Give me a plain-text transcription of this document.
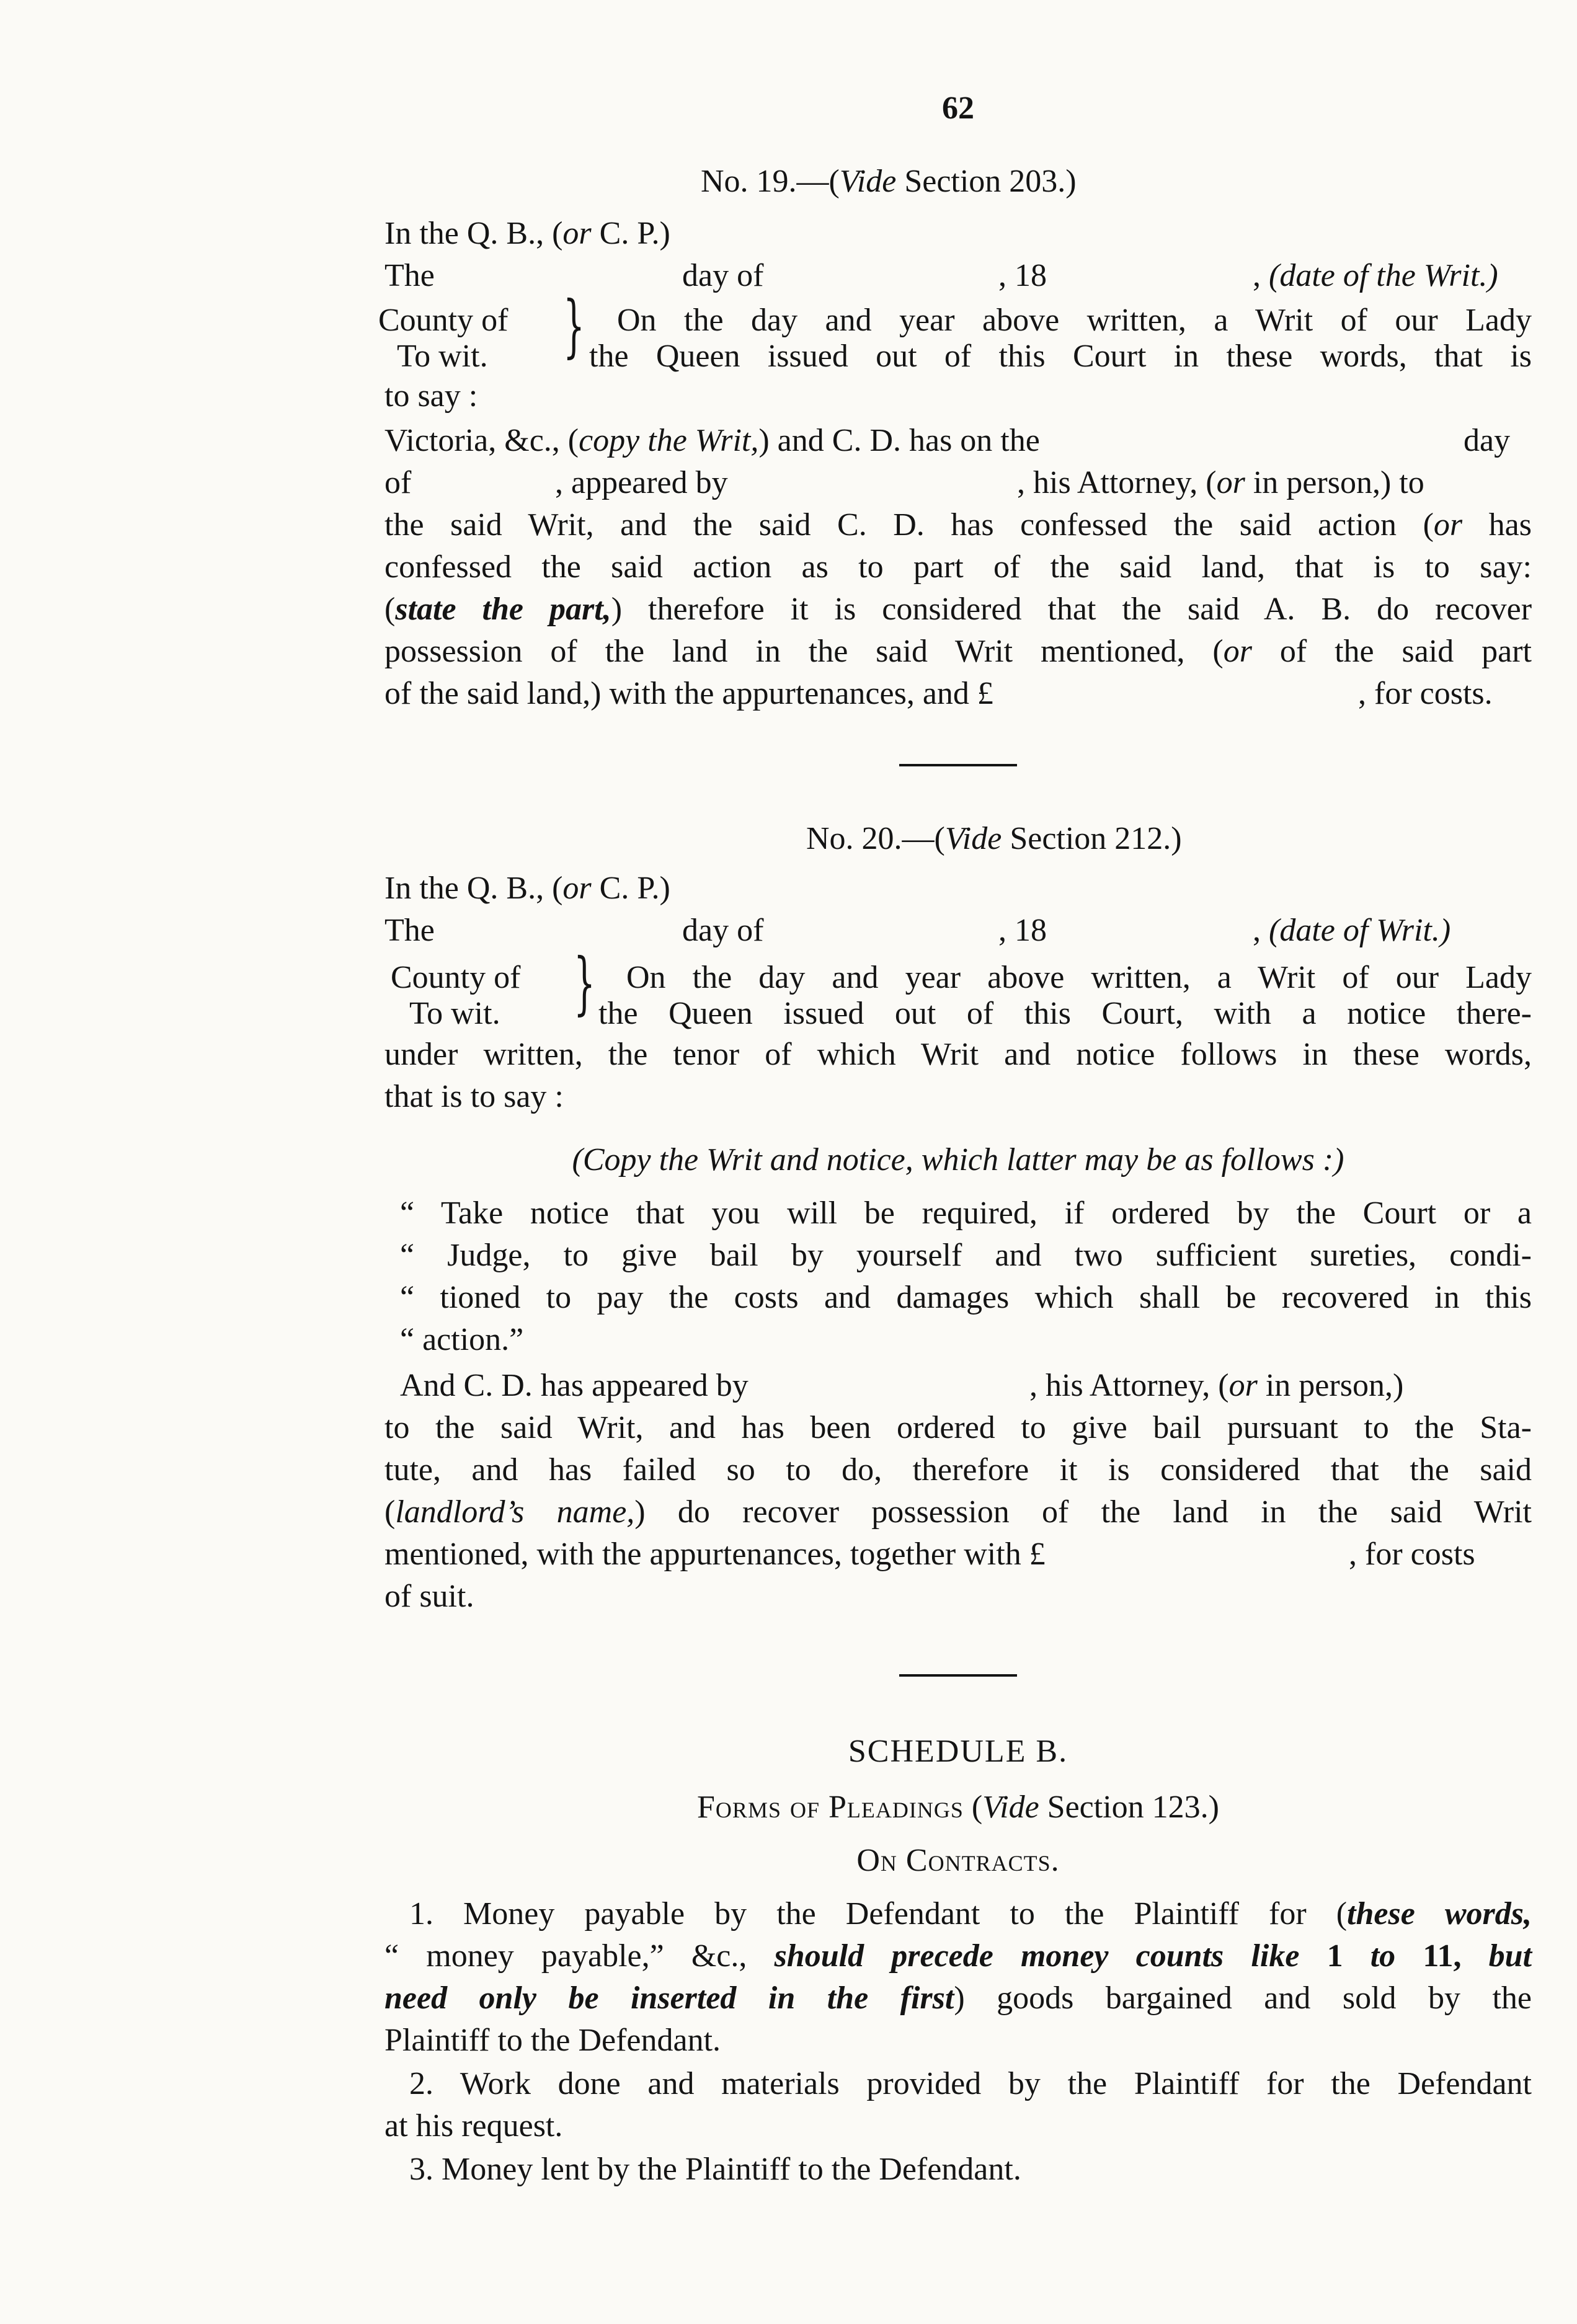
62
No. 19.—(Vide Section 203.)
In the Q. B., (or C. P.)
The	day of	, 18	, (date of the Writ.)
County of
To wit. } On the day and year above written, a Writ of our Lady
the Queen issued out of this Court in these words, that is
to say :
Victoria, &c., (copy the Writ,) and C. D. has on the	day
of	, appeared by	, his Attorney, (or in person,) to
the said Writ, and the said C. D. has confessed the said action (or has
confessed the said action as to part of the said land, that is to say:
(state the part,) therefore it is considered that the said A. B. do recover
possession of the land in the said Writ mentioned, (or of the said part
of the said land,) with the appurtenances, and £	, for costs.
No. 20.—(Vide Section 212.)
In the Q. B., (or C. P.)
The	day of	, 18	, (date of Writ.)
County of
To wit. } On the day and year above written, a Writ of our Lady
the Queen issued out of this Court, with a notice there-
under written, the tenor of which Writ and notice follows in these words,
that is to say :
(Copy the Writ and notice, which latter may be as follows :)
“ Take notice that you will be required, if ordered by the Court or a
“ Judge, to give bail by yourself and two sufficient sureties, condi-
“ tioned to pay the costs and damages which shall be recovered in this
“ action.”
And C. D. has appeared by	, his Attorney, (or in person,)
to the said Writ, and has been ordered to give bail pursuant to the Sta-
tute, and has failed so to do, therefore it is considered that the said
(landlord’s name,) do recover possession of the land in the said Writ
mentioned, with the appurtenances, together with £	, for costs
of suit.
SCHEDULE B.
Forms of Pleadings (Vide Section 123.)
On Contracts.
1. Money payable by the Defendant to the Plaintiff for (these words,
“ money payable,” &c., should precede money counts like 1 to 11, but
need only be inserted in the first) goods bargained and sold by the
Plaintiff to the Defendant.
2. Work done and materials provided by the Plaintiff for the Defendant
at his request.
3. Money lent by the Plaintiff to the Defendant.
